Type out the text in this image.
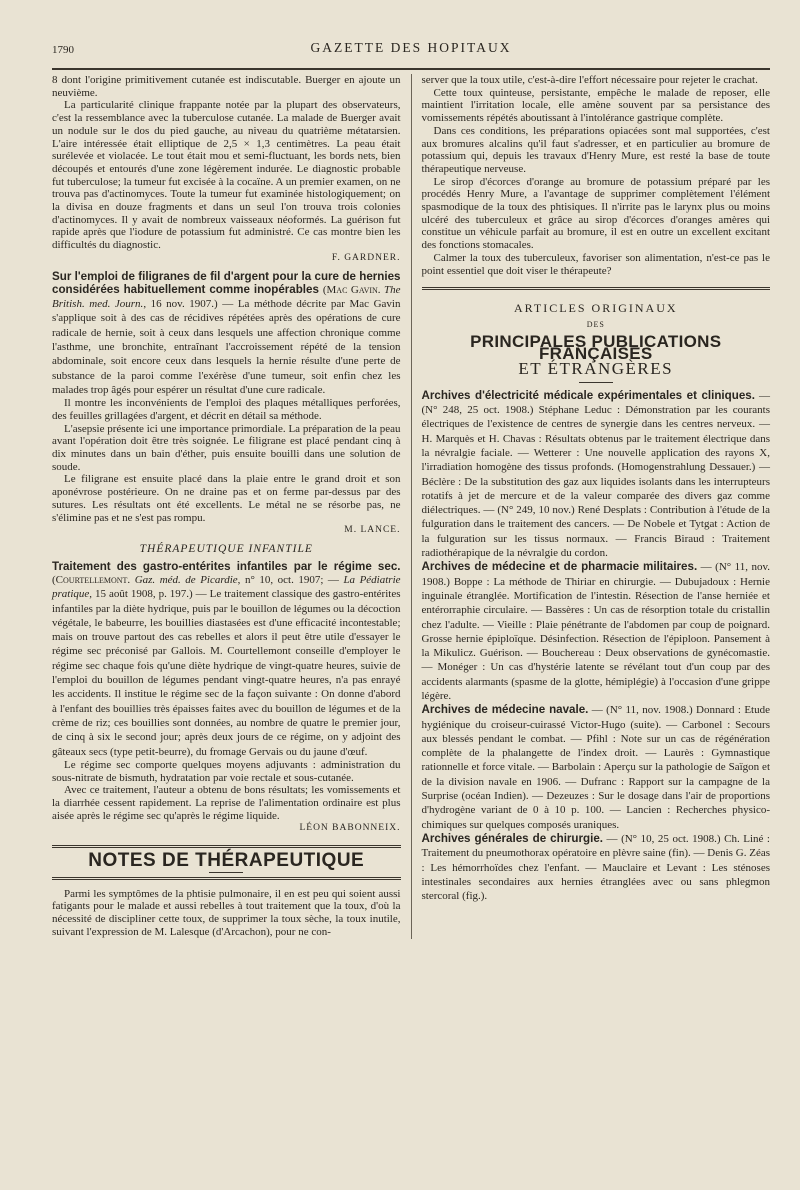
1790	GAZETTE DES HOPITAUX

8 dont l'origine primitivement cutanée est indiscutable. Buerger en ajoute un neuvième.

La particularité clinique frappante notée par la plupart des observateurs, c'est la ressemblance avec la tuberculose cutanée. La malade de Buerger avait un nodule sur le dos du pied gauche, au niveau du quatrième métatarsien. L'aire intéressée était elliptique de 2,5 × 1,3 centimètres. La peau était surélevée et violacée. Le tout était mou et semi-fluctuant, les bords nets, bien découpés et entourés d'une zone légèrement indurée. Le diagnostic probable fut tuberculose; la tumeur fut excisée à la cocaïne. A un premier examen, on ne trouva pas d'actinomyces. Toute la tumeur fut examinée histologiquement; on la divisa en douze fragments et dans un seul l'on trouva trois colonies d'actinomyces. Il y avait de nombreux vaisseaux néoformés. La guérison fut rapide après que l'iodure de potassium fut administré. Ce cas montre bien les difficultés du diagnostic.

F. GARDNER.
Sur l'emploi de filigranes de fil d'argent pour la cure de hernies considérées habituellement comme inopérables (Mac Gavin. The British. med. Journ., 16 nov. 1907.) — La méthode décrite par Mac Gavin s'applique soit à des cas de récidives répétées après des opérations de cure radicale de hernie, soit à ceux dans lesquels une affection chronique comme l'asthme, une bronchite, entraînant l'accroissement répété de la tension abdominale, soit encore ceux dans lesquels la hernie résulte d'une perte de substance de la paroi comme l'exérèse d'une tumeur, soit enfin chez les malades trop âgés pour espérer un résultat d'une cure radicale.

Il montre les inconvénients de l'emploi des plaques métalliques perforées, des feuilles grillagées d'argent, et décrit en détail sa méthode.

L'asepsie présente ici une importance primordiale. La préparation de la peau avant l'opération doit être très soignée. Le filigrane est placé pendant cinq à dix minutes dans un bain d'éther, puis ensuite bouilli dans une solution de soude.

Le filigrane est ensuite placé dans la plaie entre le grand droit et son aponévrose postérieure. On ne draine pas et on ferme par-dessus par des sutures. Les résultats ont été excellents. Le métal ne se résorbe pas, ne s'élimine pas et ne s'est pas rompu.

M. LANCE.
THÉRAPEUTIQUE INFANTILE
Traitement des gastro-entérites infantiles par le régime sec. (Courtellemont. Gaz. méd. de Picardie, n° 10, oct. 1907; — La Pédiatrie pratique, 15 août 1908, p. 197.) — Le traitement classique des gastro-entérites infantiles par la diète hydrique, puis par le bouillon de légumes ou la décoction végétale, le babeurre, les bouillies diastasées est d'une efficacité incontestable; mais on trouve partout des cas rebelles et alors il peut être utile d'essayer le régime sec préconisé par Gallois. M. Courtellemont conseille d'employer le régime sec chaque fois qu'une diète hydrique de vingt-quatre heures, suivie de l'emploi du bouillon de légumes pendant vingt-quatre heures, n'a pas enrayé les accidents. Il institue le régime sec de la façon suivante : On donne d'abord à l'enfant des bouillies très épaisses faites avec du bouillon de légumes et de la crème de riz; ces bouillies sont données, au nombre de quatre le premier jour, de cinq à six le second jour; après deux jours de ce régime, on y adjoint des gâteaux secs (type petit-beurre), du fromage Gervais ou du jaune d'œuf.

Le régime sec comporte quelques moyens adjuvants : administration du sous-nitrate de bismuth, hydratation par voie rectale et sous-cutanée.

Avec ce traitement, l'auteur a obtenu de bons résultats; les vomissements et la diarrhée cessent rapidement. La reprise de l'alimentation ordinaire est plus aisée après le régime sec qu'après le régime liquide.

LÉON BABONNEIX.
NOTES DE THÉRAPEUTIQUE

Parmi les symptômes de la phtisie pulmonaire, il en est peu qui soient aussi fatigants pour le malade et aussi rebelles à tout traitement que la toux, d'où la nécessité de discipliner cette toux, de supprimer la toux sèche, la toux inutile, suivant l'expression de M. Lalesque (d'Arcachon), pour ne con-

server que la toux utile, c'est-à-dire l'effort nécessaire pour rejeter le crachat.

Cette toux quinteuse, persistante, empêche le malade de reposer, elle maintient l'irritation locale, elle amène souvent par sa persistance des vomissements répétés aboutissant à l'intolérance gastrique complète.

Dans ces conditions, les préparations opiacées sont mal supportées, c'est aux bromures alcalins qu'il faut s'adresser, et en particulier au bromure de potassium qui, depuis les travaux d'Henry Mure, est resté la base de toute thérapeutique nerveuse.

Le sirop d'écorces d'orange au bromure de potassium préparé par les procédés Henry Mure, a l'avantage de supprimer complètement l'élément spasmodique de la toux des phtisiques. Il n'irrite pas le larynx plus ou moins ulcéré des tuberculeux et grâce au sirop d'écorces d'oranges amères qui constitue un véhicule parfait au bromure, il est en outre un excellent excitant des fonctions stomacales.

Calmer la toux des tuberculeux, favoriser son alimentation, n'est-ce pas le point essentiel que doit viser le thérapeute?

ARTICLES ORIGINAUX
DES
PRINCIPALES PUBLICATIONS FRANÇAISES
ET ÉTRANGÈRES
Archives d'électricité médicale expérimentales et cliniques. — (N° 248, 25 oct. 1908.) Stéphane Leduc : Démonstration par les courants électriques de l'existence de centres de synergie dans les centres nerveux. — H. Marquès et H. Chavas : Résultats obtenus par le traitement électrique dans la névralgie faciale. — Wetterer : Une nouvelle application des rayons X, l'irradiation homogène des tissus profonds. (Homogenstrahlung Dessauer.) — Béclère : De la substitution des gaz aux liquides isolants dans les interrupteurs rotatifs à jet de mercure et de la valeur comparée des divers gaz comme diélectriques. — (N° 249, 10 nov.) René Desplats : Contribution à l'étude de la fulguration dans le traitement des cancers. — De Nobele et Tytgat : Action de la fulguration sur les tissus normaux. — Francis Biraud : Traitement radiothérapique de la névralgie du cordon.
Archives de médecine et de pharmacie militaires. — (N° 11, nov. 1908.) Boppe : La méthode de Thiriar en chirurgie. — Dubujadoux : Hernie inguinale étranglée. Mortification de l'intestin. Résection de l'anse herniée et entérorraphie circulaire. — Bassères : Un cas de résorption totale du cristallin chez l'adulte. — Vieille : Plaie pénétrante de l'abdomen par coup de poignard. Grosse hernie épiploïque. Désinfection. Résection de l'épiploon. Pansement à la Mikulicz. Guérison. — Bouchereau : Deux observations de gynécomastie. — Monéger : Un cas d'hystérie latente se révélant tout d'un coup par des accidents alarmants (spasme de la glotte, hémiplégie) à l'occasion d'une grippe légère.
Archives de médecine navale. — (N° 11, nov. 1908.) Donnard : Etude hygiénique du croiseur-cuirassé Victor-Hugo (suite). — Carbonel : Secours aux blessés pendant le combat. — Pfihl : Note sur un cas de régénération complète de la phalangette de l'index droit. — Laurès : Gymnastique rationnelle et force vitale. — Barbolain : Aperçu sur la pathologie de Saïgon et de la division navale en 1906. — Dufranc : Rapport sur la campagne de la Surprise (océan Indien). — Dezeuzes : Sur le dosage dans l'air de proportions d'hydrogène variant de 0 à 10 p. 100. — Lancien : Recherches physico-chimiques sur quelques composés uraniques.
Archives générales de chirurgie. — (N° 10, 25 oct. 1908.) Ch. Liné : Traitement du pneumothorax opératoire en plèvre saine (fin). — Denis G. Zéas : Les hémorrhoïdes chez l'enfant. — Mauclaire et Levant : Les sténoses intestinales secondaires aux hernies étranglées avec ou sans phlegmon stercoral (fig.).
